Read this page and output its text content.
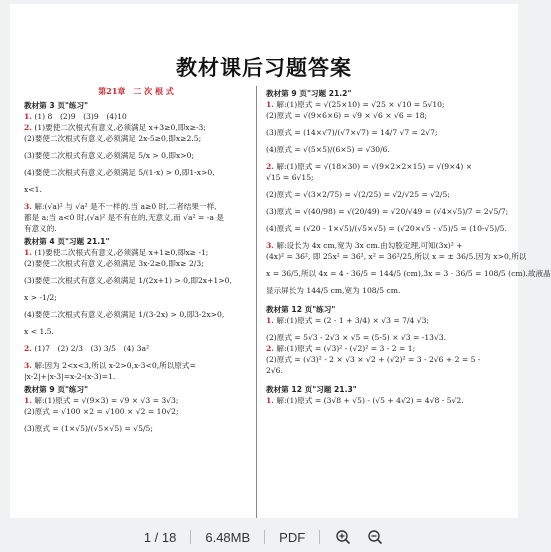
教材课后习题答案
第21章　二 次 根 式
教材第 3 页"练习"
1. (1) 8　(2)9　(3)9　(4)10
2. (1)要使二次根式有意义,必须满足 x+3≥0,即x≥-3;
(2)要使二次根式有意义,必须满足 2x-5≥0,即x≥2.5;
(3)要使二次根式有意义,必须满足 5/x > 0,即x>0;
(4)要使二次根式有意义,必须满足 5/(1-x) > 0,即1-x>0,
x<1.
3. 解:(√a)² 与 √a² 是不一样的.当 a≥0 时,二者结果一样,
都是 a;当 a<0 时,(√a)² 是不有在的,无意义,而 √a² = -a 是
有意义的.
教材第 4 页"习题 21.1"
1. (1)要使二次根式有意义,必须满足 x+1≥0,即x≥ -1;
(2)要使二次根式有意义,必须满足 3x-2≥0,即x≥ 2/3;
(3)要使二次根式有意义,必须满足 1/(2x+1) > 0,即2x+1>0,
x > -1/2;
(4)要使二次根式有意义,必须满足 1/(3-2x) > 0,即3-2x>0,
x < 1.5.
2. (1)7　(2) 2/3　(3) 3/5　(4) 3a²
3. 解:因为 2<x<3,所以 x-2>0,x-3<0,所以原式=
|x-2|+|x-3|=x-2-(x-3)=1.
教材第 9 页"练习"
1. 解:(1)原式 = √(9×3) = √9 × √3 = 3√3;
(2)原式 = √100 ×2 = √100 × √2 = 10√2;
(3)原式 = (1×√5)/(√5×√5) = √5/5;
教材第 9 页"习题 21.2"
1. 解:(1)原式 = √(25×10) = √25 × √10 = 5√10;
(2)原式 = √(9×6×6) = √9 × √6 × √6 = 18;
(3)原式 = (14×√7)/(√7×√7) = 14/7 √7 = 2√7;
(4)原式 = √(5×5)/(6×5) = √30/6.
2. 解:(1)原式 = √(18×30) = √(9×2×2×15) = √(9×4) ×
√15 = 6√15;
(2)原式 = √(3×2/75) = √(2/25) = √2/√25 = √2/5;
(3)原式 = √(40/98) = √(20/49) = √20/√49 = (√4×√5)/7 = 2√5/7;
(4)原式 = (√20 - 1×√5)/(√5×√5) = (√20×√5 - √5)/5 = (10-√5)/5.
3. 解:设长为 4x cm,宽为 3x cm.由勾股定理,可知(3x)² +
(4x)² = 36², 即 25x² = 36², x² = 36²/25,所以 x = ± 36/5.因为 x>0,所以
x = 36/5,所以 4x = 4 · 36/5 = 144/5 (cm),3x = 3 · 36/5 = 108/5 (cm).故液晶
显示屏长为 144/5 cm,宽为 108/5 cm.
教材第 12 页"练习"
1. 解:(1)原式 = (2 - 1 + 3/4) × √3 = 7/4 √3;
(2)原式 = 5√3 - 2√3 × √5 = (5-5) × √3 = -13√3.
2. 解:(1)原式 = (√3)² - (√2)² = 3 - 2 = 1;
(2)原式 = (√3)² - 2 × √3 × √2 + (√2)² = 3 - 2√6 + 2 = 5 -
2√6.
教材第 12 页"习题 21.3"
1. 解:(1)原式 = (3√8 + √5) - (√5 + 4√2) = 4√8 - 5√2.
1 / 18 6.48MB PDF
